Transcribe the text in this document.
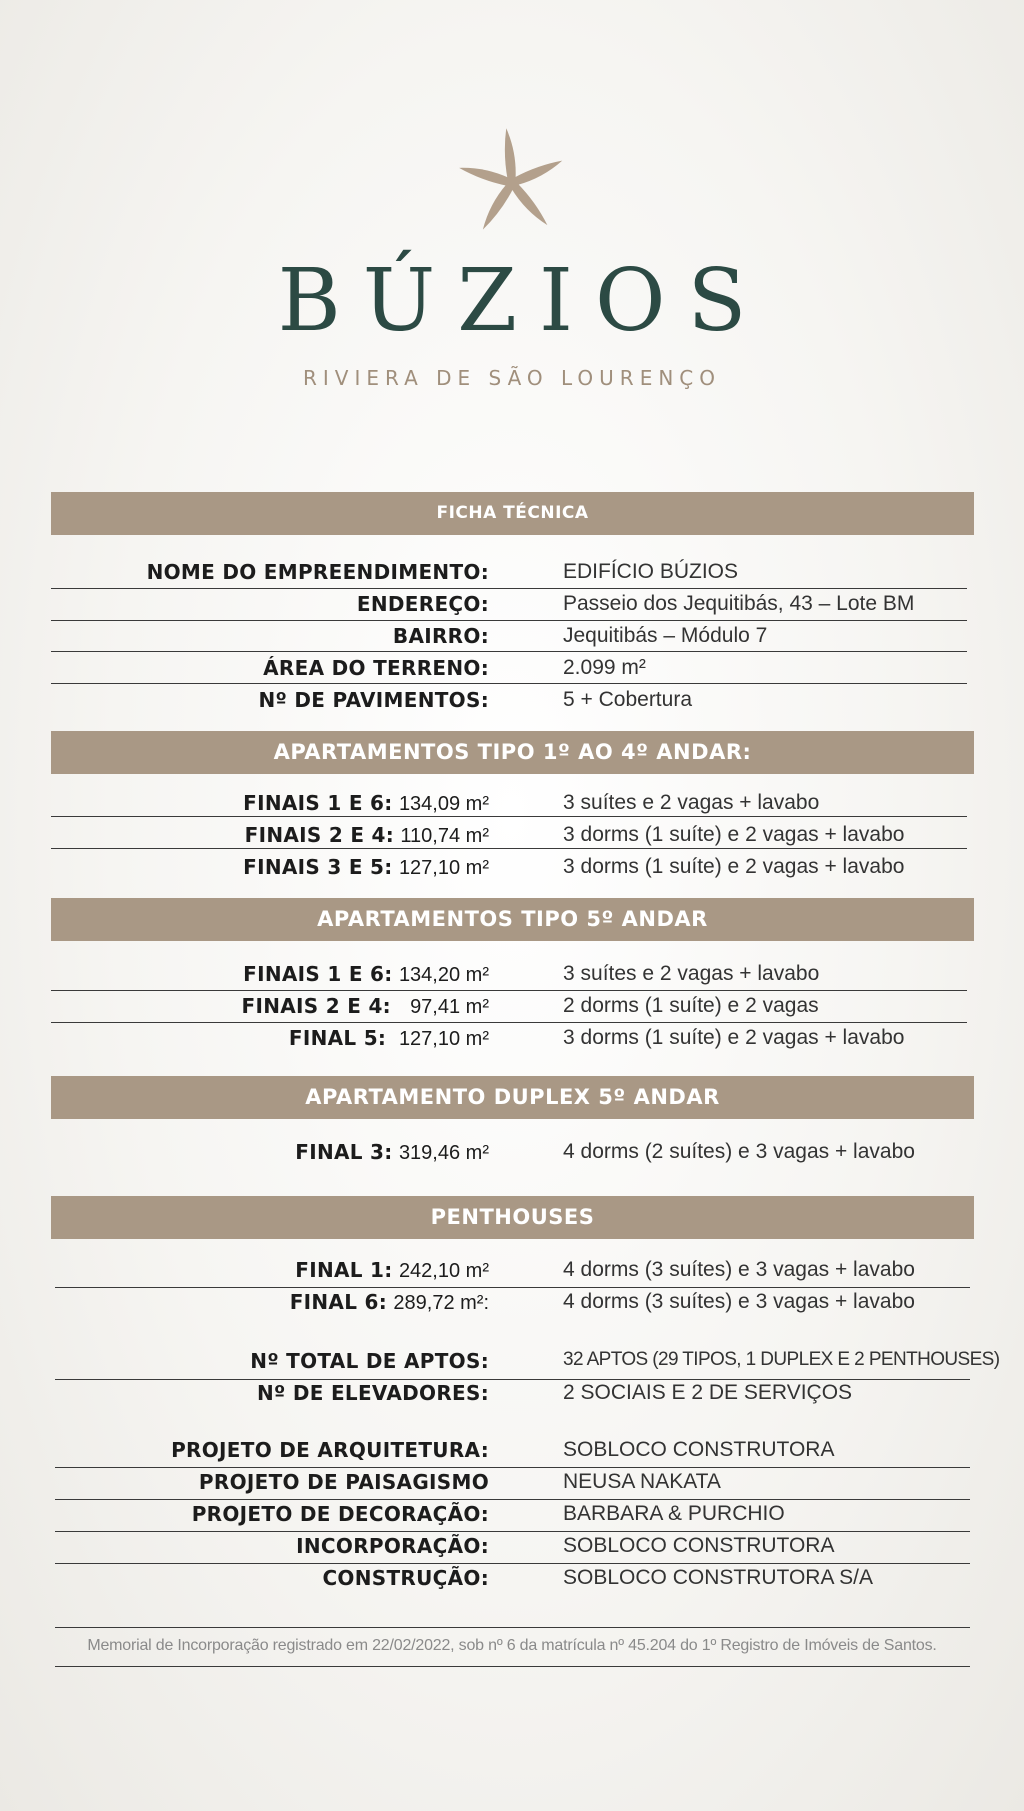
BÚZIOS
RIVIERA DE SÃO LOURENÇO
FICHA TÉCNICA
NOME DO EMPREENDIMENTO:	EDIFÍCIO BÚZIOS
ENDEREÇO:	Passeio dos Jequitibás, 43 – Lote BM
BAIRRO:	Jequitibás – Módulo 7
ÁREA DO TERRENO:	2.099 m²
Nº DE PAVIMENTOS:	5 + Cobertura
APARTAMENTOS TIPO 1º AO 4º ANDAR:
FINAIS 1 E 6: 134,09 m²	3 suítes e 2 vagas + lavabo
FINAIS 2 E 4: 110,74 m²	3 dorms (1 suíte) e 2 vagas + lavabo
FINAIS 3 E 5: 127,10 m²	3 dorms (1 suíte) e 2 vagas + lavabo
APARTAMENTOS TIPO 5º ANDAR
FINAIS 1 E 6: 134,20 m²	3 suítes e 2 vagas + lavabo
FINAIS 2 E 4: 97,41 m²	2 dorms (1 suíte) e 2 vagas
FINAL 5: 127,10 m²	3 dorms (1 suíte) e 2 vagas + lavabo
APARTAMENTO DUPLEX 5º ANDAR
FINAL 3: 319,46 m²	4 dorms (2 suítes) e 3 vagas + lavabo
PENTHOUSES
FINAL 1: 242,10 m²	4 dorms (3 suítes) e 3 vagas + lavabo
FINAL 6: 289,72 m²:	4 dorms (3 suítes) e 3 vagas + lavabo
Nº TOTAL DE APTOS:	32 APTOS (29 TIPOS, 1 DUPLEX E 2 PENTHOUSES)
Nº DE ELEVADORES:	2 SOCIAIS E 2 DE SERVIÇOS
PROJETO DE ARQUITETURA:	SOBLOCO CONSTRUTORA
PROJETO DE PAISAGISMO	NEUSA NAKATA
PROJETO DE DECORAÇÃO:	BARBARA & PURCHIO
INCORPORAÇÃO:	SOBLOCO CONSTRUTORA
CONSTRUÇÃO:	SOBLOCO CONSTRUTORA S/A
Memorial de Incorporação registrado em 22/02/2022, sob nº 6 da matrícula nº 45.204 do 1º Registro de Imóveis de Santos.
